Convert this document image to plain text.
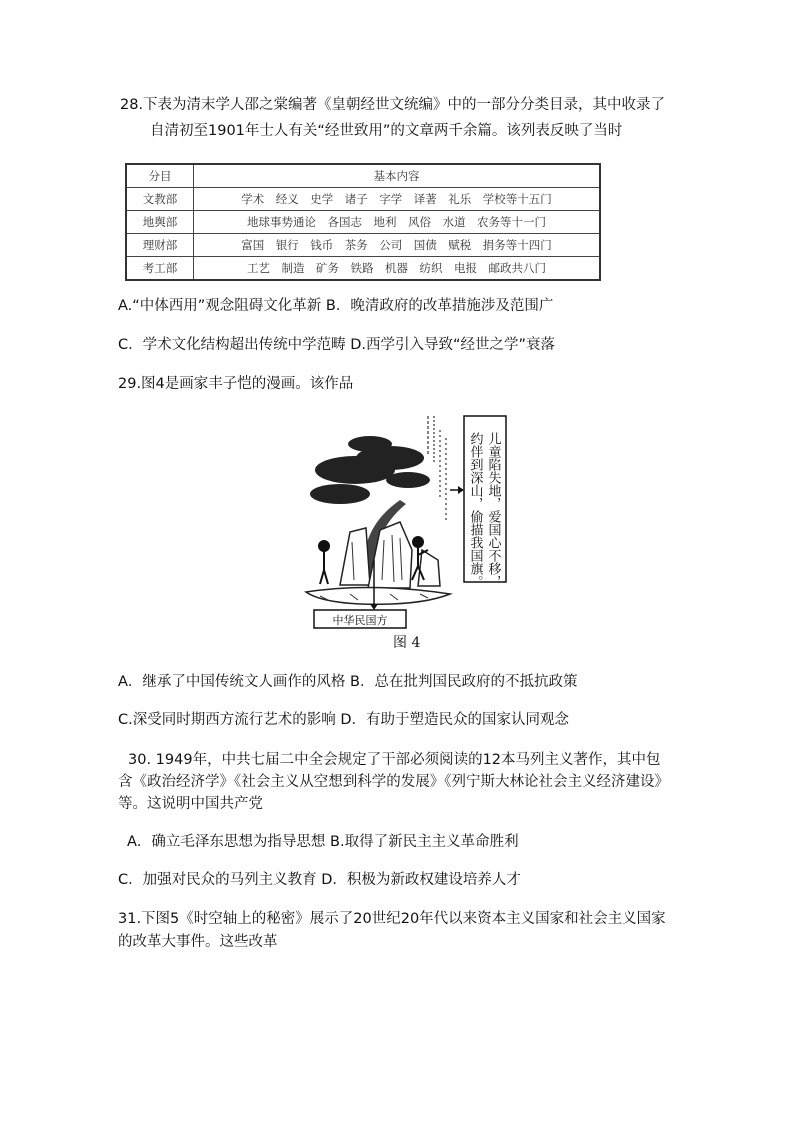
28.下表为清末学人邵之棠编著《皇朝经世文统编》中的一部分分类目录，其中收录了
自清初至1901年士人有关“经世致用”的文章两千余篇。该列表反映了当时
分目	基本内容
文教部	学术　经义　史学　诸子　字学　译著　礼乐　学校等十五门
地舆部	地球事势通论　各国志　地利　风俗　水道　农务等十一门
理财部	富国　银行　钱币　茶务　公司　国债　赋税　捐务等十四门
考工部	工艺　制造　矿务　铁路　机器　纺织　电报　邮政共八门
A.“中体西用”观念阻碍文化革新 B．晚清政府的改革措施涉及范围广
C．学术文化结构超出传统中学范畴 D.西学引入导致“经世之学”衰落
29.图4是画家丰子恺的漫画。该作品
儿童陷失地，爱国心不移，
约伴到深山，偷描我国旗。
中华民国方
图 4
A．继承了中国传统文人画作的风格 B．总在批判国民政府的不抵抗政策
C.深受同时期西方流行艺术的影响 D．有助于塑造民众的国家认同观念
30. 1949年，中共七届二中全会规定了干部必须阅读的12本马列主义著作，其中包
含《政治经济学》《社会主义从空想到科学的发展》《列宁斯大林论社会主义经济建设》
等。这说明中国共产党
A．确立毛泽东思想为指导思想 B.取得了新民主主义革命胜利
C．加强对民众的马列主义教育 D．积极为新政权建设培养人才
31.下图5《时空轴上的秘密》展示了20世纪20年代以来资本主义国家和社会主义国家
的改革大事件。这些改革
